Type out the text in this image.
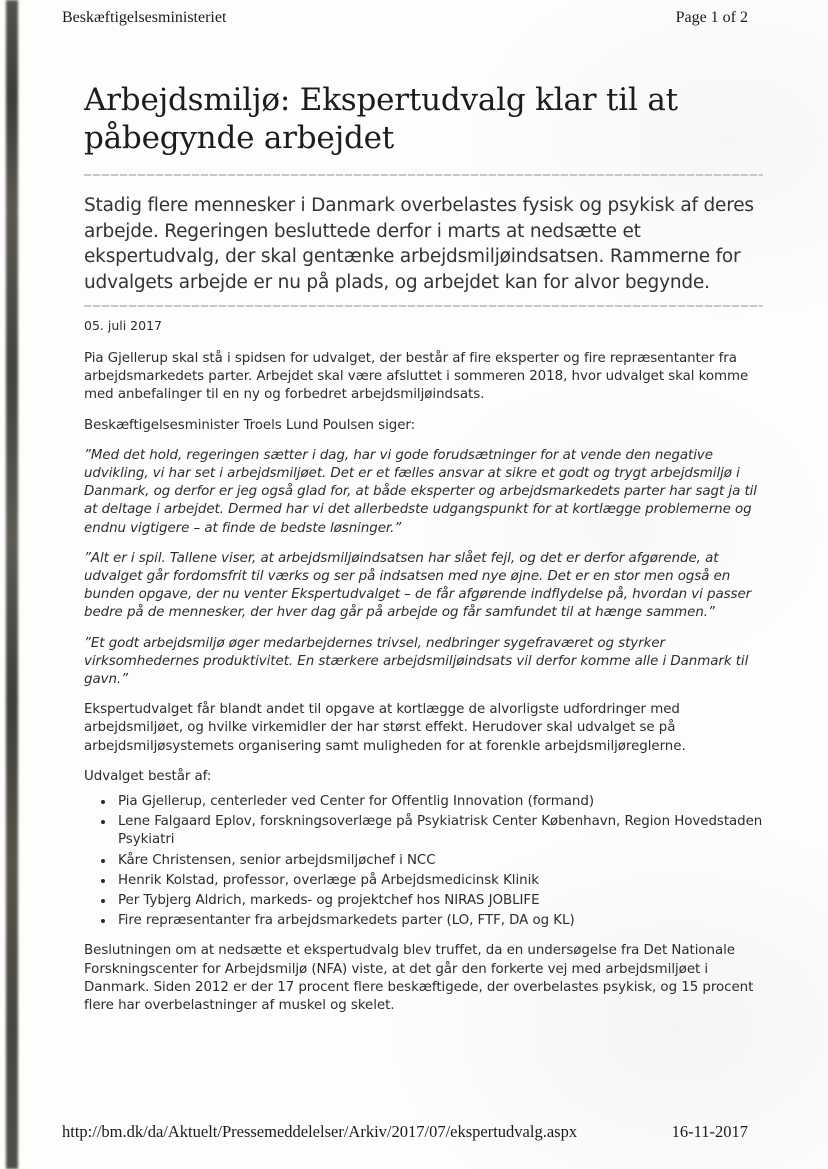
Beskæftigelsesministeriet	Page 1 of 2
Arbejdsmiljø: Ekspertudvalg klar til at påbegynde arbejdet

Stadig flere mennesker i Danmark overbelastes fysisk og psykisk af deres arbejde. Regeringen besluttede derfor i marts at nedsætte et ekspertudvalg, der skal gentænke arbejdsmiljøindsatsen. Rammerne for udvalgets arbejde er nu på plads, og arbejdet kan for alvor begynde.

05. juli 2017

Pia Gjellerup skal stå i spidsen for udvalget, der består af fire eksperter og fire repræsentanter fra arbejdsmarkedets parter. Arbejdet skal være afsluttet i sommeren 2018, hvor udvalget skal komme med anbefalinger til en ny og forbedret arbejdsmiljøindsats.

Beskæftigelsesminister Troels Lund Poulsen siger:

”Med det hold, regeringen sætter i dag, har vi gode forudsætninger for at vende den negative udvikling, vi har set i arbejdsmiljøet. Det er et fælles ansvar at sikre et godt og trygt arbejdsmiljø i Danmark, og derfor er jeg også glad for, at både eksperter og arbejdsmarkedets parter har sagt ja til at deltage i arbejdet. Dermed har vi det allerbedste udgangspunkt for at kortlægge problemerne og endnu vigtigere – at finde de bedste løsninger.”

”Alt er i spil. Tallene viser, at arbejdsmiljøindsatsen har slået fejl, og det er derfor afgørende, at udvalget går fordomsfrit til værks og ser på indsatsen med nye øjne. Det er en stor men også en bunden opgave, der nu venter Ekspertudvalget – de får afgørende indflydelse på, hvordan vi passer bedre på de mennesker, der hver dag går på arbejde og får samfundet til at hænge sammen.”

”Et godt arbejdsmiljø øger medarbejdernes trivsel, nedbringer sygefraværet og styrker virksomhedernes produktivitet. En stærkere arbejdsmiljøindsats vil derfor komme alle i Danmark til gavn.”

Ekspertudvalget får blandt andet til opgave at kortlægge de alvorligste udfordringer med arbejdsmiljøet, og hvilke virkemidler der har størst effekt. Herudover skal udvalget se på arbejdsmiljøsystemets organisering samt muligheden for at forenkle arbejdsmiljøreglerne.

Udvalget består af:

• Pia Gjellerup, centerleder ved Center for Offentlig Innovation (formand)
• Lene Falgaard Eplov, forskningsoverlæge på Psykiatrisk Center København, Region Hovedstaden Psykiatri
• Kåre Christensen, senior arbejdsmiljøchef i NCC
• Henrik Kolstad, professor, overlæge på Arbejdsmedicinsk Klinik
• Per Tybjerg Aldrich, markeds- og projektchef hos NIRAS JOBLIFE
• Fire repræsentanter fra arbejdsmarkedets parter (LO, FTF, DA og KL)

Beslutningen om at nedsætte et ekspertudvalg blev truffet, da en undersøgelse fra Det Nationale Forskningscenter for Arbejdsmiljø (NFA) viste, at det går den forkerte vej med arbejdsmiljøet i Danmark. Siden 2012 er der 17 procent flere beskæftigede, der overbelastes psykisk, og 15 procent flere har overbelastninger af muskel og skelet.

http://bm.dk/da/Aktuelt/Pressemeddelelser/Arkiv/2017/07/ekspertudvalg.aspx	16-11-2017
